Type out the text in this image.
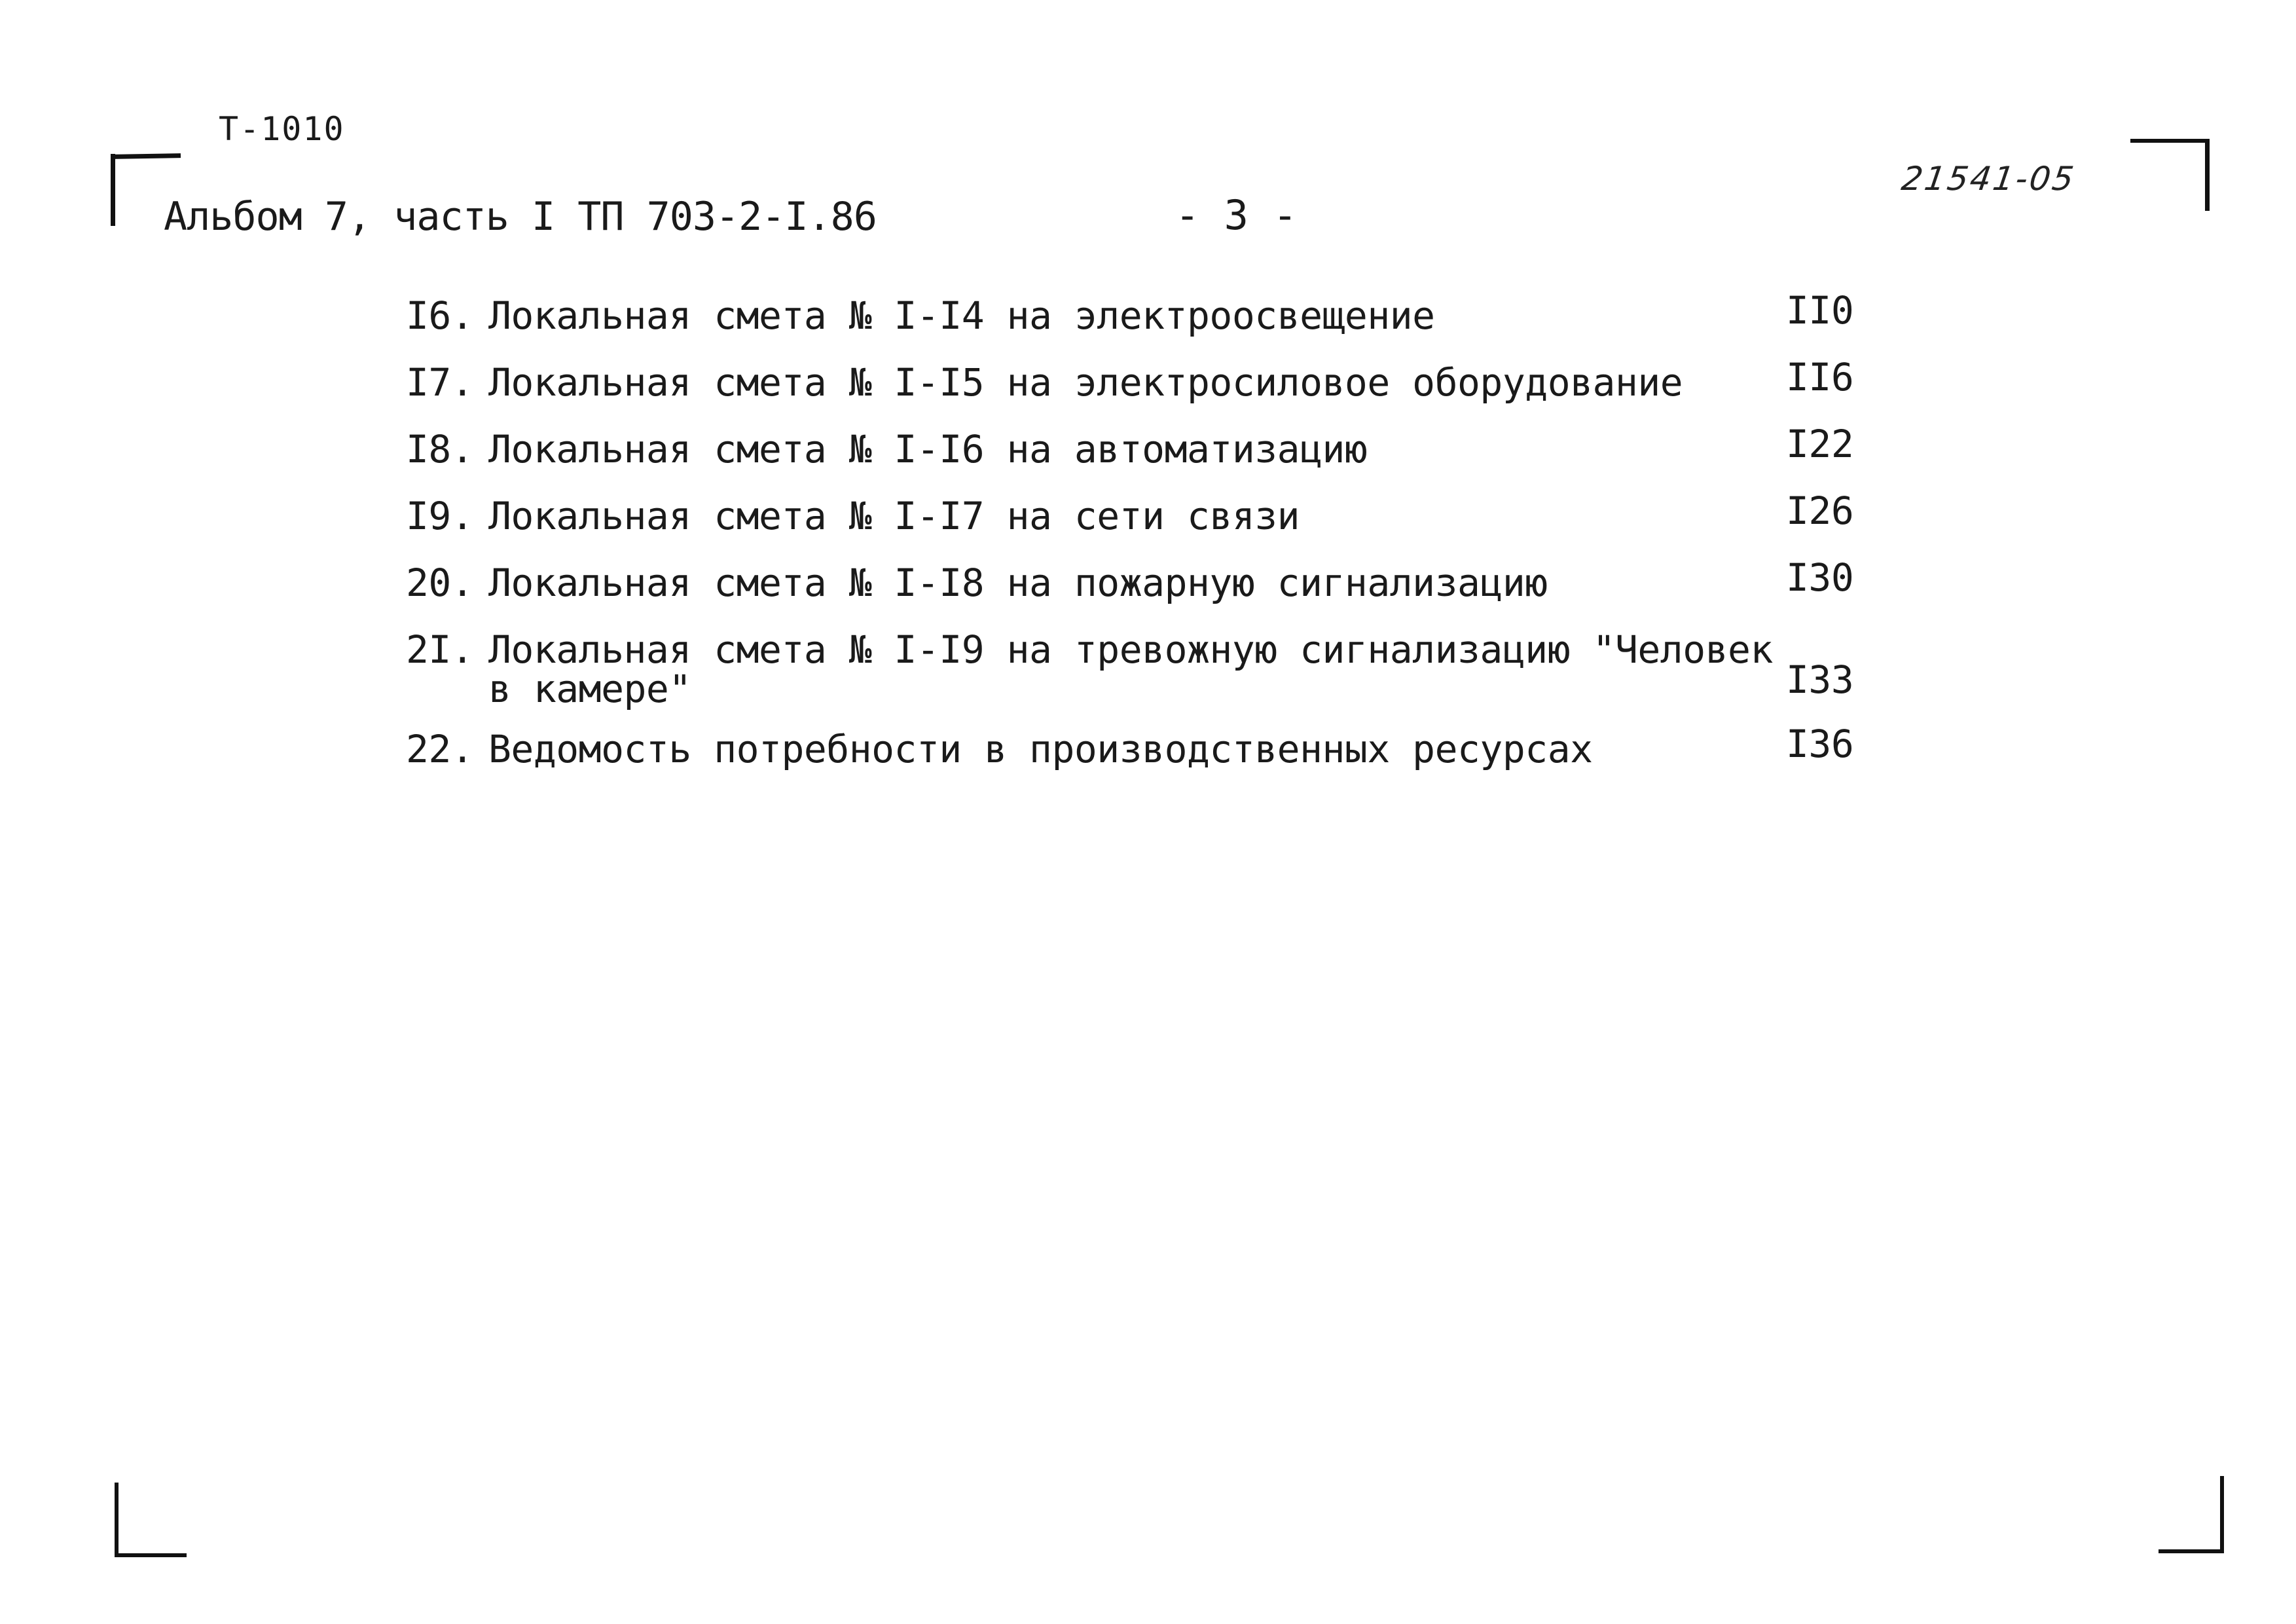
Т-1010
Альбом 7, часть I ТП 703-2-I.86	- 3 -
21541-05
I6. Локальная смета № I-I4 на электроосвещение	II0
I7. Локальная смета № I-I5 на электросиловое оборудование	II6
I8. Локальная смета № I-I6 на автоматизацию	I22
I9. Локальная смета № I-I7 на сети связи	I26
20. Локальная смета № I-I8 на пожарную сигнализацию	I30
2I. Локальная смета № I-I9 на тревожную сигнализацию "Человек в камере"	I33
22. Ведомость потребности в производственных ресурсах	I36
